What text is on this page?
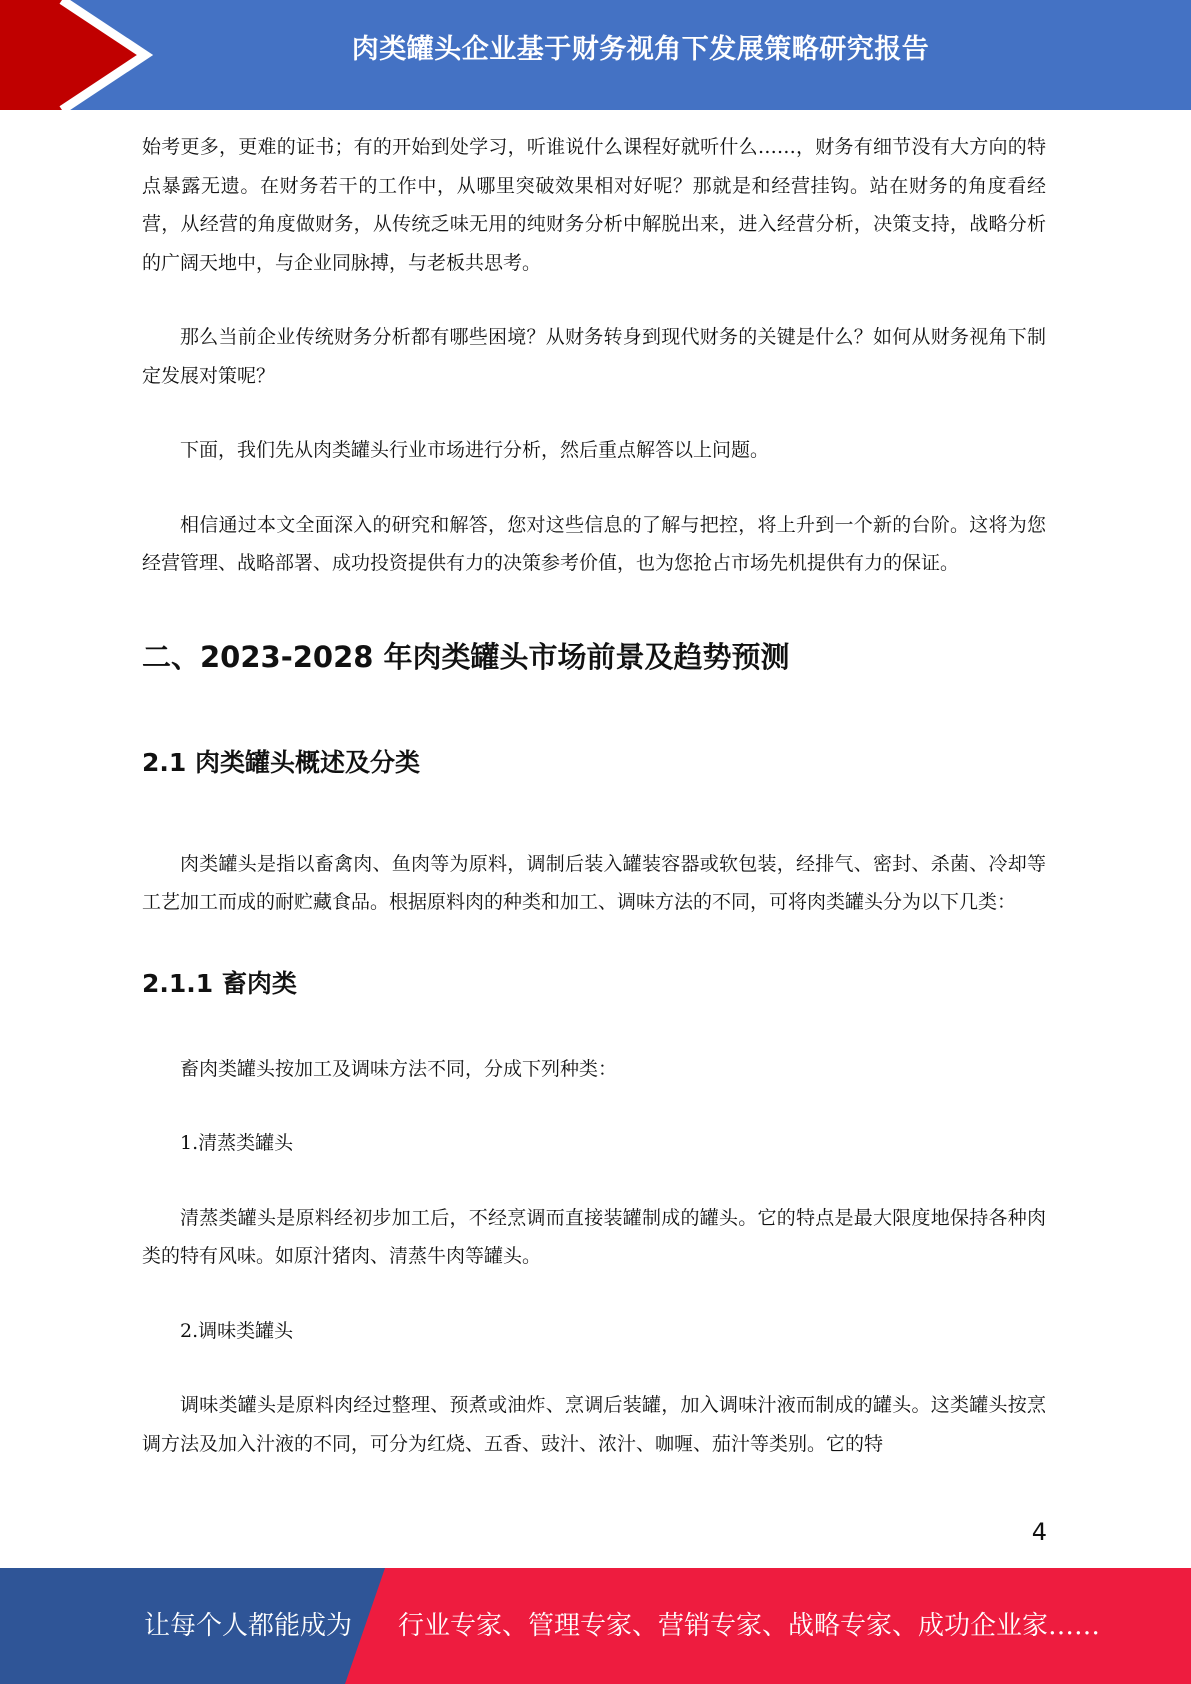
肉类罐头企业基于财务视角下发展策略研究报告

始考更多，更难的证书；有的开始到处学习，听谁说什么课程好就听什么……，财务有细节没有大方向的特点暴露无遗。在财务若干的工作中，从哪里突破效果相对好呢？那就是和经营挂钩。站在财务的角度看经营，从经营的角度做财务，从传统乏味无用的纯财务分析中解脱出来，进入经营分析，决策支持，战略分析的广阔天地中，与企业同脉搏，与老板共思考。

那么当前企业传统财务分析都有哪些困境？从财务转身到现代财务的关键是什么？如何从财务视角下制定发展对策呢？

下面，我们先从肉类罐头行业市场进行分析，然后重点解答以上问题。

相信通过本文全面深入的研究和解答，您对这些信息的了解与把控，将上升到一个新的台阶。这将为您经营管理、战略部署、成功投资提供有力的决策参考价值，也为您抢占市场先机提供有力的保证。

二、2023-2028 年肉类罐头市场前景及趋势预测
2.1 肉类罐头概述及分类

肉类罐头是指以畜禽肉、鱼肉等为原料，调制后装入罐装容器或软包装，经排气、密封、杀菌、冷却等工艺加工而成的耐贮藏食品。根据原料肉的种类和加工、调味方法的不同，可将肉类罐头分为以下几类：

2.1.1 畜肉类

畜肉类罐头按加工及调味方法不同，分成下列种类：

1.清蒸类罐头

清蒸类罐头是原料经初步加工后，不经烹调而直接装罐制成的罐头。它的特点是最大限度地保持各种肉类的特有风味。如原汁猪肉、清蒸牛肉等罐头。

2.调味类罐头

调味类罐头是原料肉经过整理、预煮或油炸、烹调后装罐，加入调味汁液而制成的罐头。这类罐头按烹调方法及加入汁液的不同，可分为红烧、五香、豉汁、浓汁、咖喱、茄汁等类别。它的特

4
让每个人都能成为 行业专家、管理专家、营销专家、战略专家、成功企业家……
